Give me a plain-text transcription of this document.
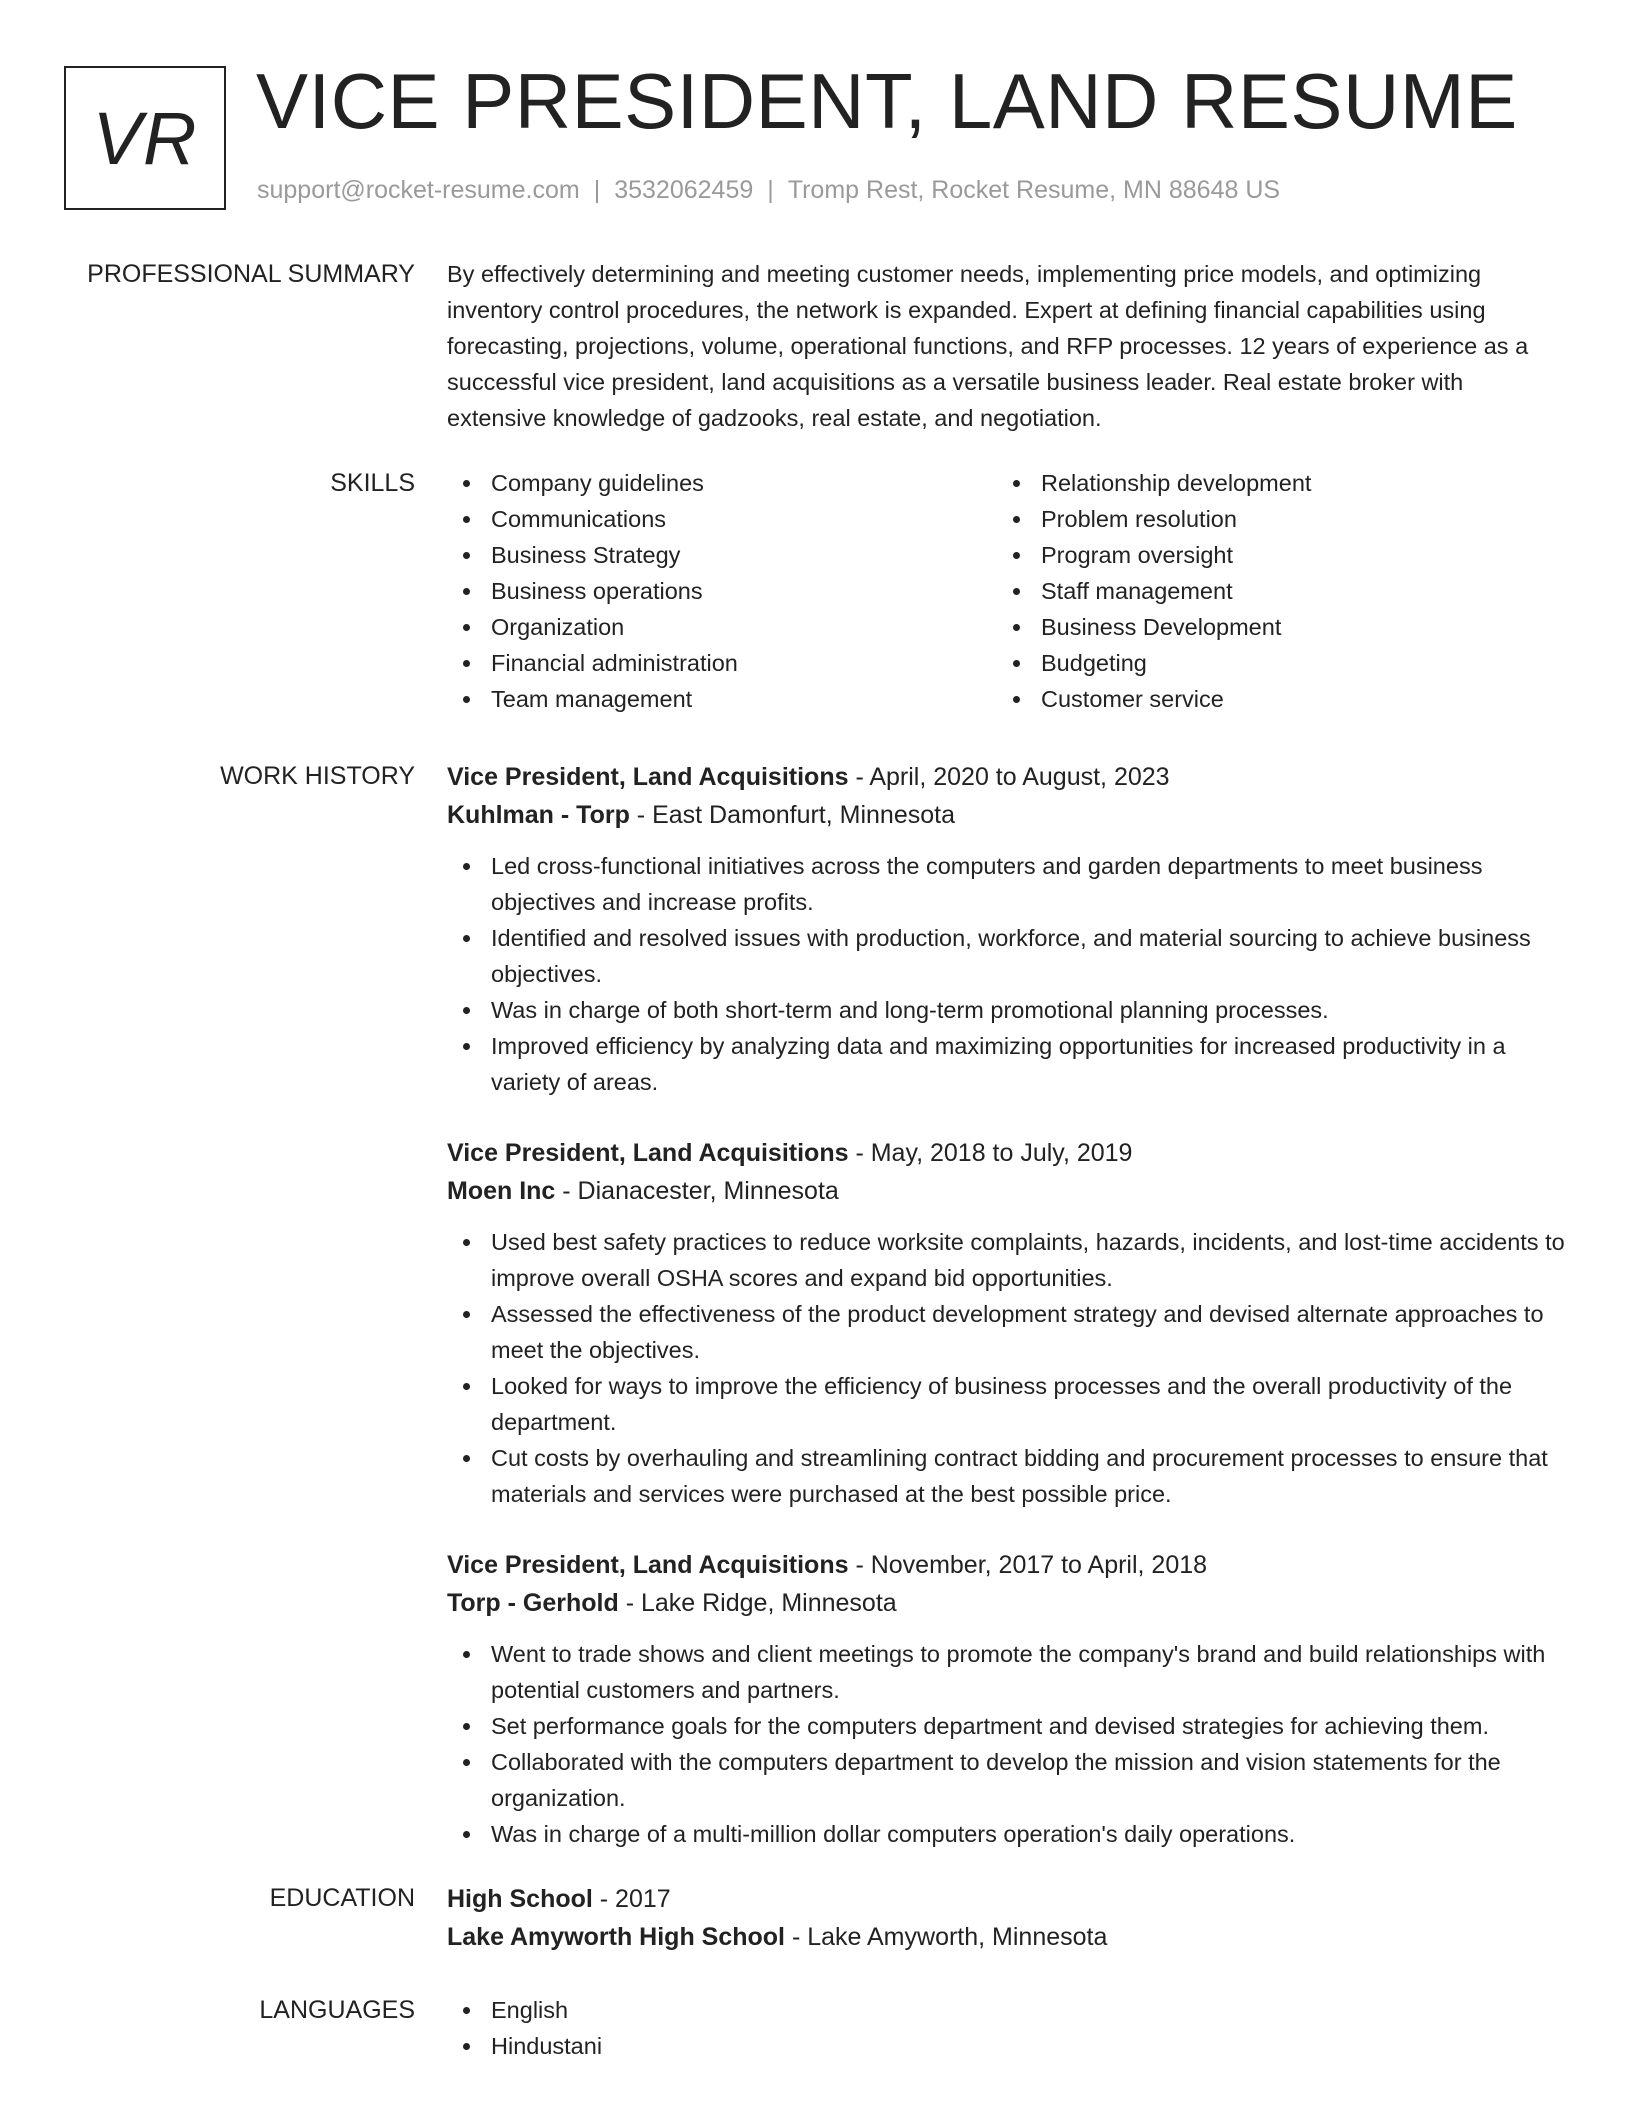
VR VICE PRESIDENT, LAND RESUME
support@rocket-resume.com | 3532062459 | Tromp Rest, Rocket Resume, MN 88648 US
PROFESSIONAL SUMMARY By effectively determining and meeting customer needs, implementing price models, and optimizing inventory control procedures, the network is expanded. Expert at defining financial capabilities using forecasting, projections, volume, operational functions, and RFP processes. 12 years of experience as a successful vice president, land acquisitions as a versatile business leader. Real estate broker with extensive knowledge of gadzooks, real estate, and negotiation.
SKILLS	Company guidelines
Communications
Business Strategy
Business operations
Organization
Financial administration
Team management
Relationship development
Problem resolution
Program oversight
Staff management
Business Development
Budgeting
Customer service
WORK HISTORY Vice President, Land Acquisitions - April, 2020 to August, 2023
Kuhlman - Torp - East Damonfurt, Minnesota
Led cross-functional initiatives across the computers and garden departments to meet business objectives and increase profits.
Identified and resolved issues with production, workforce, and material sourcing to achieve business objectives.
Was in charge of both short-term and long-term promotional planning processes.
Improved efficiency by analyzing data and maximizing opportunities for increased productivity in a variety of areas.
Vice President, Land Acquisitions - May, 2018 to July, 2019
Moen Inc - Dianacester, Minnesota
Used best safety practices to reduce worksite complaints, hazards, incidents, and lost-time accidents to improve overall OSHA scores and expand bid opportunities.
Assessed the effectiveness of the product development strategy and devised alternate approaches to meet the objectives.
Looked for ways to improve the efficiency of business processes and the overall productivity of the department.
Cut costs by overhauling and streamlining contract bidding and procurement processes to ensure that materials and services were purchased at the best possible price.
Vice President, Land Acquisitions - November, 2017 to April, 2018
Torp - Gerhold - Lake Ridge, Minnesota
Went to trade shows and client meetings to promote the company's brand and build relationships with potential customers and partners.
Set performance goals for the computers department and devised strategies for achieving them.
Collaborated with the computers department to develop the mission and vision statements for the organization.
Was in charge of a multi-million dollar computers operation's daily operations.
EDUCATION High School - 2017
Lake Amyworth High School - Lake Amyworth, Minnesota
LANGUAGES	English
Hindustani
